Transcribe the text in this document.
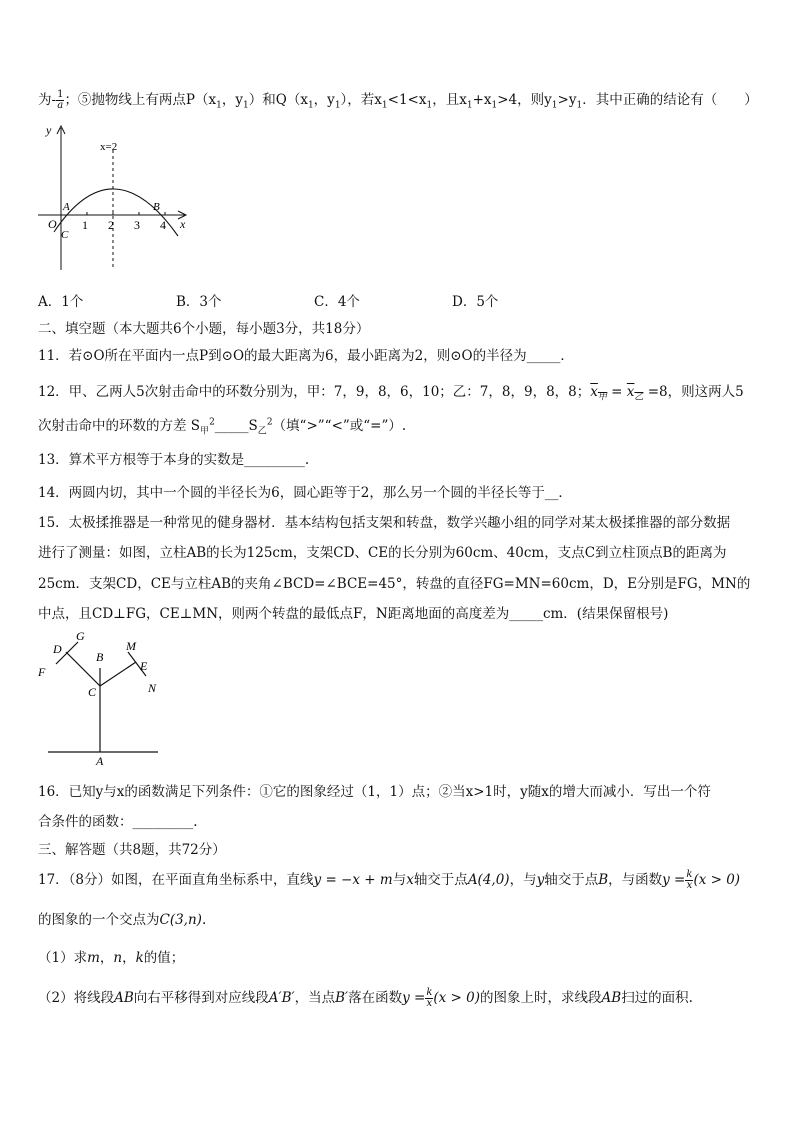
为- $\frac{1}{a}$ ；⑤抛物线上有两点$P(x_1$，$y_1$）和$Q(x_1$，$y_1$），若$x_1<1<x_1$，且$x_1+x_1>4$，则$y_1>y_1$．其中正确的结论有（　　）
y
x
x=2
A	B
C
O 1 2 3 4
A．1个	B．3个	C．4个	D．5个
二、填空题（本大题共6个小题，每小题3分，共18分）
11．若⊙O所在平面内一点P到⊙O的最大距离为6，最小距离为2，则⊙O的半径为_____．
12．甲、乙两人5次射击命中的环数分别为，甲：7，9，8，6，10；乙：7，8，9，8，8；$x_甲 = x_乙 =8$，则这两人5
次射击命中的环数的方差 $S_甲^2\_\_\_\_\_S_乙^2$（填“>”“<”或“=”）.
13．算术平方根等于本身的实数是_________.
14．两圆内切，其中一个圆的半径长为6，圆心距等于2，那么另一个圆的半径长等于__．
15．太极揉推器是一种常见的健身器材．基本结构包括支架和转盘，数学兴趣小组的同学对某太极揉推器的部分数据
进行了测量：如图，立柱AB的长为125cm，支架CD、CE的长分别为60cm、40cm，支点C到立柱顶点B的距离为
25cm．支架CD，CE与立柱AB的夹角∠BCD=∠BCE=45°，转盘的直径FG=MN=60cm，D，E分别是FG，MN的
中点，且CD⊥FG，CE⊥MN，则两个转盘的最低点F，N距离地面的高度差为_____cm．(结果保留根号)
G
D
F
B
M
E
N
C
A
16．已知y与x的函数满足下列条件：①它的图象经过（1，1）点；②当x>1时，y随x的增大而减小．写出一个符
合条件的函数：_________.
三、解答题（共8题，共72分）
17．（8分）如图，在平面直角坐标系中，直线y = −x + m与x轴交于点A(4,0)，与y轴交于点B，与函数$y = \frac{k}{x} (x > 0)$
的图象的一个交点为C(3,n).
（1）求m，n，k的值；
（2）将线段AB向右平移得到对应线段A′B′，当点B′落在函数$y = \frac{k}{x} (x > 0)$的图象上时，求线段AB扫过的面积.
